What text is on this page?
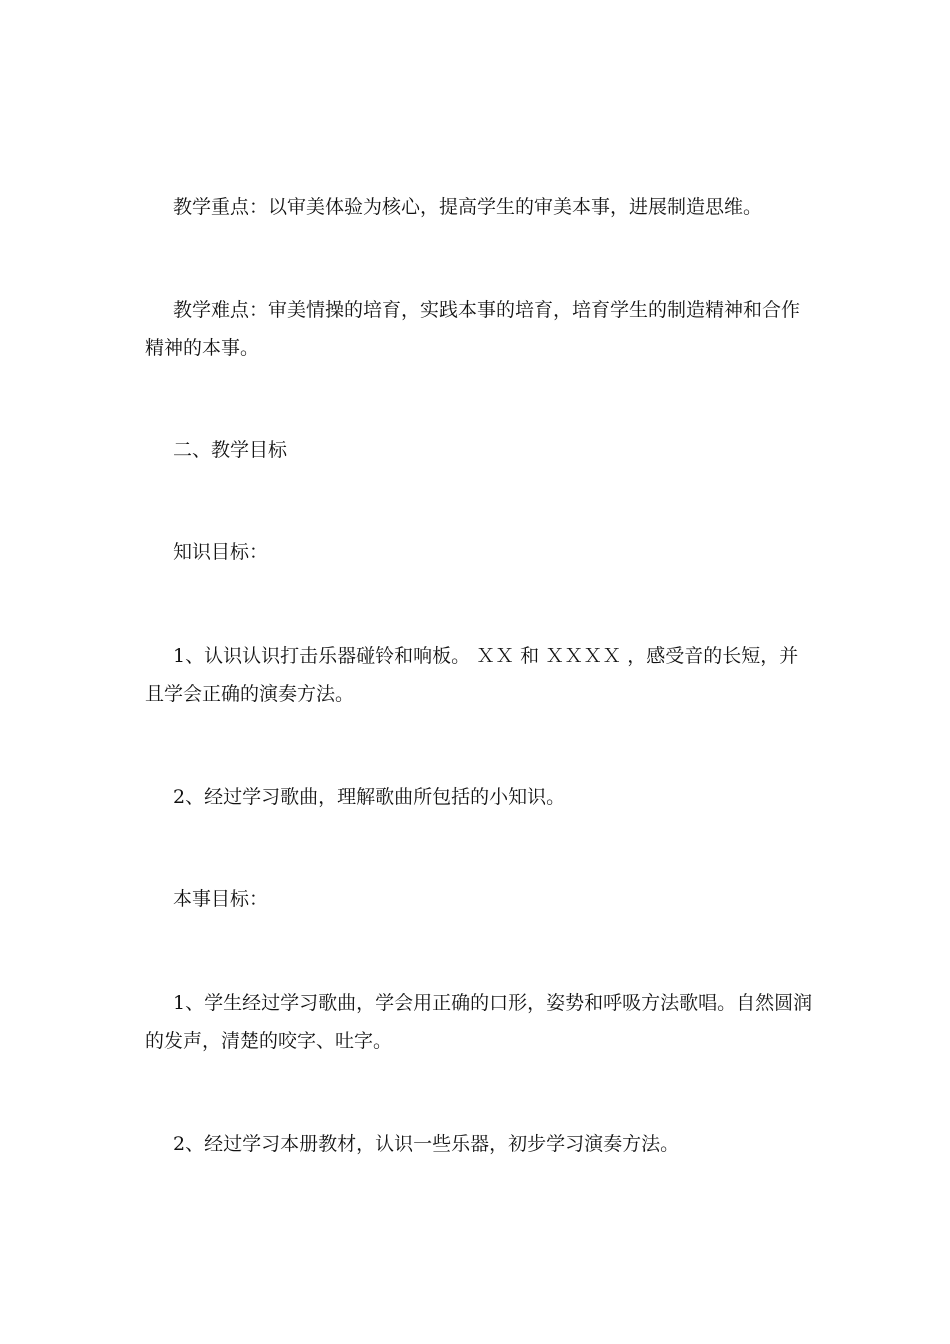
教学重点：以审美体验为核心，提高学生的审美本事，进展制造思维。

教学难点：审美情操的培育，实践本事的培育，培育学生的制造精神和合作精神的本事。

二、教学目标

知识目标：

1、认识认识打击乐器碰铃和响板。 ＸＸ 和 ＸＸＸＸ ，感受音的长短，并且学会正确的演奏方法。

2、经过学习歌曲，理解歌曲所包括的小知识。

本事目标：

1、学生经过学习歌曲，学会用正确的口形，姿势和呼吸方法歌唱。自然圆润的发声，清楚的咬字、吐字。

2、经过学习本册教材，认识一些乐器，初步学习演奏方法。
